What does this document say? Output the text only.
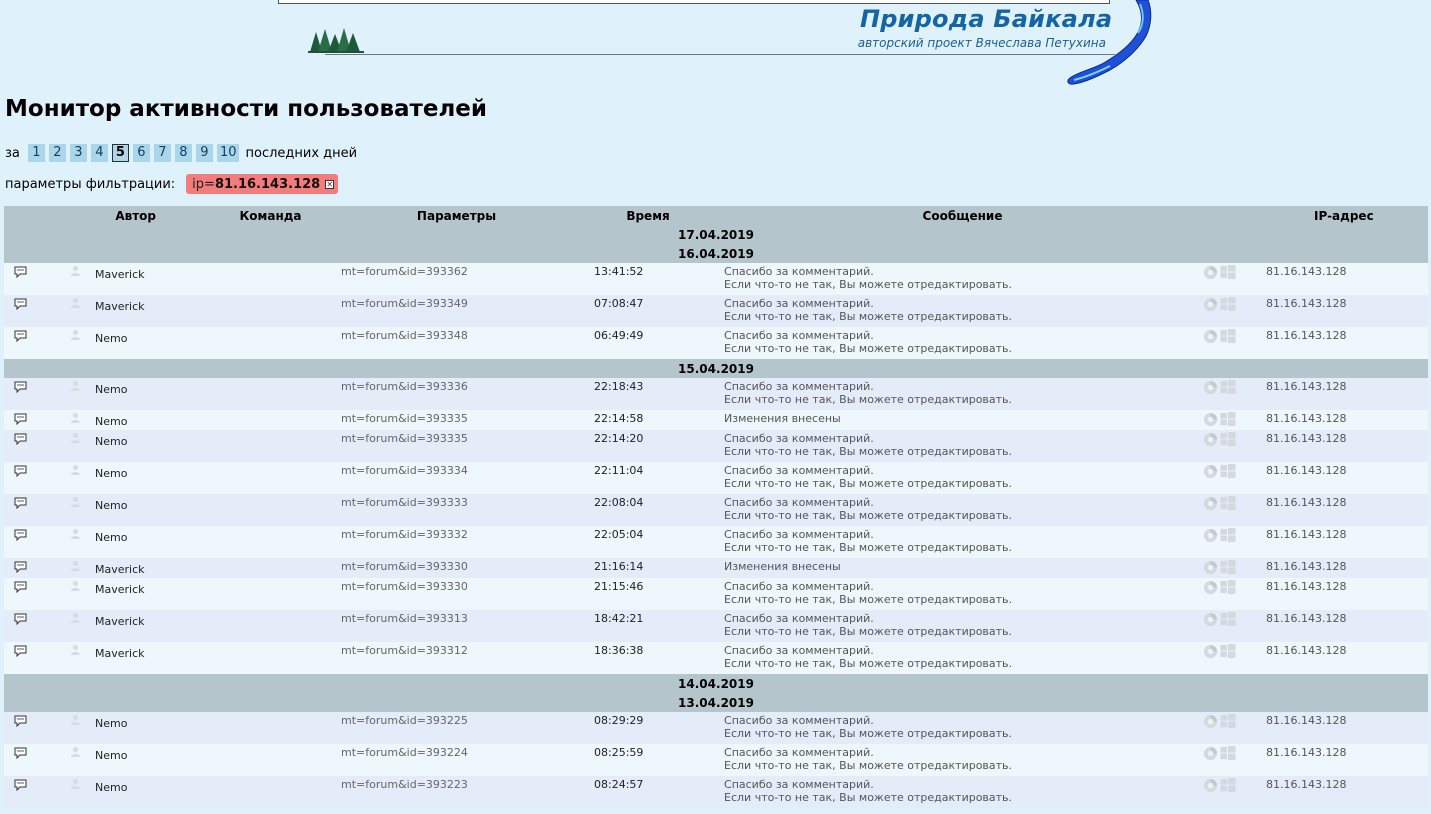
Природа Байкала
авторский проект Вячеслава Петухина
Монитор активности пользователей
за 1 2 3 4 5 6 7 8 9 10 последних дней
параметры фильтрации: ip= 81.16.143.128 ✕
	Автор		Команда	Параметры	Время	Сообщение		IP-адрес
17.04.2019								
16.04.2019								
		Maverick		mt=forum&id=393362	13:41:52	Спасибо за комментарий.
Если что-то не так, Вы можете отредактировать.		81.16.143.128
		Maverick		mt=forum&id=393349	07:08:47	Спасибо за комментарий.
Если что-то не так, Вы можете отредактировать.		81.16.143.128
		Nemo		mt=forum&id=393348	06:49:49	Спасибо за комментарий.
Если что-то не так, Вы можете отредактировать.		81.16.143.128
15.04.2019								
		Nemo		mt=forum&id=393336	22:18:43	Спасибо за комментарий.
Если что-то не так, Вы можете отредактировать.		81.16.143.128
		Nemo		mt=forum&id=393335	22:14:58	Изменения внесены		81.16.143.128
		Nemo		mt=forum&id=393335	22:14:20	Спасибо за комментарий.
Если что-то не так, Вы можете отредактировать.		81.16.143.128
		Nemo		mt=forum&id=393334	22:11:04	Спасибо за комментарий.
Если что-то не так, Вы можете отредактировать.		81.16.143.128
		Nemo		mt=forum&id=393333	22:08:04	Спасибо за комментарий.
Если что-то не так, Вы можете отредактировать.		81.16.143.128
		Nemo		mt=forum&id=393332	22:05:04	Спасибо за комментарий.
Если что-то не так, Вы можете отредактировать.		81.16.143.128
		Maverick		mt=forum&id=393330	21:16:14	Изменения внесены		81.16.143.128
		Maverick		mt=forum&id=393330	21:15:46	Спасибо за комментарий.
Если что-то не так, Вы можете отредактировать.		81.16.143.128
		Maverick		mt=forum&id=393313	18:42:21	Спасибо за комментарий.
Если что-то не так, Вы можете отредактировать.		81.16.143.128
		Maverick		mt=forum&id=393312	18:36:38	Спасибо за комментарий.
Если что-то не так, Вы можете отредактировать.		81.16.143.128
14.04.2019								
13.04.2019								
		Nemo		mt=forum&id=393225	08:29:29	Спасибо за комментарий.
Если что-то не так, Вы можете отредактировать.		81.16.143.128
		Nemo		mt=forum&id=393224	08:25:59	Спасибо за комментарий.
Если что-то не так, Вы можете отредактировать.		81.16.143.128
		Nemo		mt=forum&id=393223	08:24:57	Спасибо за комментарий.
Если что-то не так, Вы можете отредактировать.		81.16.143.128
